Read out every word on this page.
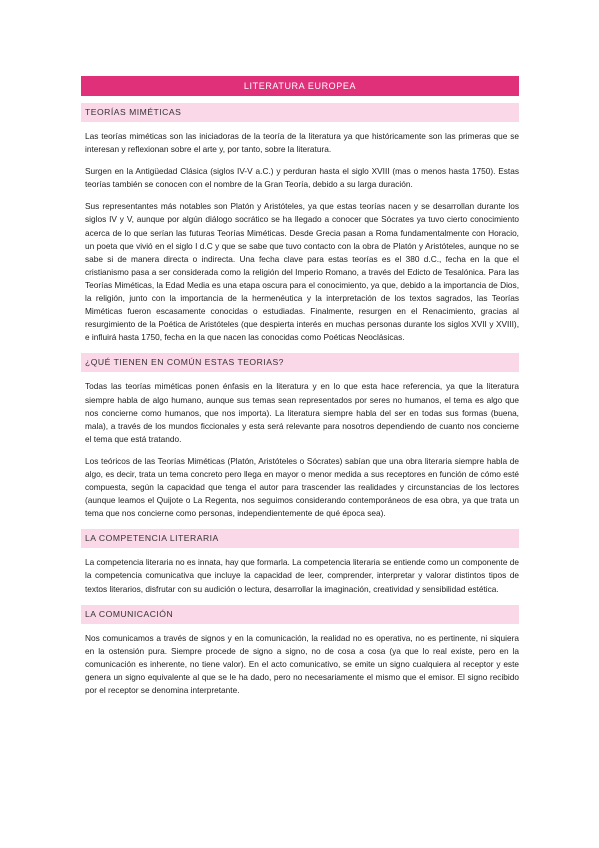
LITERATURA EUROPEA
TEORÍAS MIMÉTICAS

Las teorías miméticas son las iniciadoras de la teoría de la literatura ya que históricamente son las primeras que se interesan y reflexionan sobre el arte y, por tanto, sobre la literatura.

Surgen en la Antigüedad Clásica (siglos IV-V a.C.) y perduran hasta el siglo XVIII (mas o menos hasta 1750). Estas teorías también se conocen con el nombre de la Gran Teoría, debido a su larga duración.

Sus representantes más notables son Platón y Aristóteles, ya que estas teorías nacen y se desarrollan durante los siglos IV y V, aunque por algún diálogo socrático se ha llegado a conocer que Sócrates ya tuvo cierto conocimiento acerca de lo que serían las futuras Teorías Miméticas. Desde Grecia pasan a Roma fundamentalmente con Horacio, un poeta que vivió en el siglo I d.C y que se sabe que tuvo contacto con la obra de Platón y Aristóteles, aunque no se sabe si de manera directa o indirecta. Una fecha clave para estas teorías es el 380 d.C., fecha en la que el cristianismo pasa a ser considerada como la religión del Imperio Romano, a través del Edicto de Tesalónica. Para las Teorías Miméticas, la Edad Media es una etapa oscura para el conocimiento, ya que, debido a la importancia de Dios, la religión, junto con la importancia de la hermenéutica y la interpretación de los textos sagrados, las Teorías Miméticas fueron escasamente conocidas o estudiadas. Finalmente, resurgen en el Renacimiento, gracias al resurgimiento de la Poética de Aristóteles (que despierta interés en muchas personas durante los siglos XVII y XVIII), e influirá hasta 1750, fecha en la que nacen las conocidas como Poéticas Neoclásicas.

¿QUÉ TIENEN EN COMÚN ESTAS TEORIAS?

Todas las teorías miméticas ponen énfasis en la literatura y en lo que esta hace referencia, ya que la literatura siempre habla de algo humano, aunque sus temas sean representados por seres no humanos, el tema es algo que nos concierne como humanos, que nos importa). La literatura siempre habla del ser en todas sus formas (buena, mala), a través de los mundos ficcionales y esta será relevante para nosotros dependiendo de cuanto nos concierne el tema que está tratando.

Los teóricos de las Teorías Miméticas (Platón, Aristóteles o Sócrates) sabían que una obra literaria siempre habla de algo, es decir, trata un tema concreto pero llega en mayor o menor medida a sus receptores en función de cómo esté compuesta, según la capacidad que tenga el autor para trascender las realidades y circunstancias de los lectores (aunque leamos el Quijote o La Regenta, nos seguimos considerando contemporáneos de esa obra, ya que trata un tema que nos concierne como personas, independientemente de qué época sea).

LA COMPETENCIA LITERARIA

La competencia literaria no es innata, hay que formarla. La competencia literaria se entiende como un componente de la competencia comunicativa que incluye la capacidad de leer, comprender, interpretar y valorar distintos tipos de textos literarios, disfrutar con su audición o lectura, desarrollar la imaginación, creatividad y sensibilidad estética.

LA COMUNICACIÓN

Nos comunicamos a través de signos y en la comunicación, la realidad no es operativa, no es pertinente, ni siquiera en la ostensión pura. Siempre procede de signo a signo, no de cosa a cosa (ya que lo real existe, pero en la comunicación es inherente, no tiene valor). En el acto comunicativo, se emite un signo cualquiera al receptor y este genera un signo equivalente al que se le ha dado, pero no necesariamente el mismo que el emisor. El signo recibido por el receptor se denomina interpretante.
